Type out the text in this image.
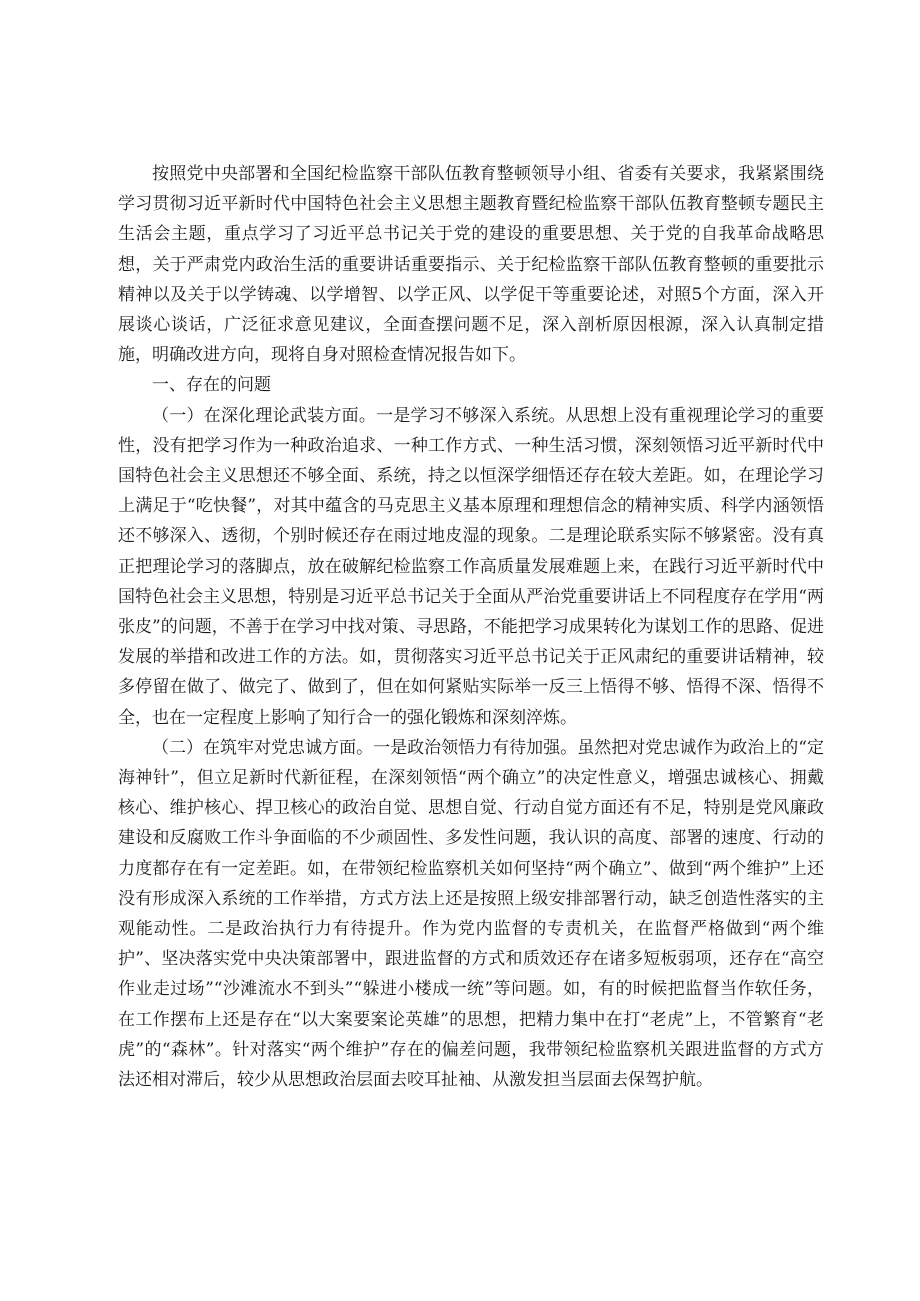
按照党中央部署和全国纪检监察干部队伍教育整顿领导小组、省委有关要求，我紧紧围绕学习贯彻习近平新时代中国特色社会主义思想主题教育暨纪检监察干部队伍教育整顿专题民主生活会主题，重点学习了习近平总书记关于党的建设的重要思想、关于党的自我革命战略思想，关于严肃党内政治生活的重要讲话重要指示、关于纪检监察干部队伍教育整顿的重要批示精神以及关于以学铸魂、以学增智、以学正风、以学促干等重要论述，对照5个方面，深入开展谈心谈话，广泛征求意见建议，全面查摆问题不足，深入剖析原因根源，深入认真制定措施，明确改进方向，现将自身对照检查情况报告如下。

一、存在的问题

（一）在深化理论武装方面。一是学习不够深入系统。从思想上没有重视理论学习的重要性，没有把学习作为一种政治追求、一种工作方式、一种生活习惯，深刻领悟习近平新时代中国特色社会主义思想还不够全面、系统，持之以恒深学细悟还存在较大差距。如，在理论学习上满足于“吃快餐”，对其中蕴含的马克思主义基本原理和理想信念的精神实质、科学内涵领悟还不够深入、透彻，个别时候还存在雨过地皮湿的现象。二是理论联系实际不够紧密。没有真正把理论学习的落脚点，放在破解纪检监察工作高质量发展难题上来，在践行习近平新时代中国特色社会主义思想，特别是习近平总书记关于全面从严治党重要讲话上不同程度存在学用“两张皮”的问题，不善于在学习中找对策、寻思路，不能把学习成果转化为谋划工作的思路、促进发展的举措和改进工作的方法。如，贯彻落实习近平总书记关于正风肃纪的重要讲话精神，较多停留在做了、做完了、做到了，但在如何紧贴实际举一反三上悟得不够、悟得不深、悟得不全，也在一定程度上影响了知行合一的强化锻炼和深刻淬炼。

（二）在筑牢对党忠诚方面。一是政治领悟力有待加强。虽然把对党忠诚作为政治上的“定海神针”，但立足新时代新征程，在深刻领悟“两个确立”的决定性意义，增强忠诚核心、拥戴核心、维护核心、捍卫核心的政治自觉、思想自觉、行动自觉方面还有不足，特别是党风廉政建设和反腐败工作斗争面临的不少顽固性、多发性问题，我认识的高度、部署的速度、行动的力度都存在有一定差距。如，在带领纪检监察机关如何坚持“两个确立”、做到“两个维护”上还没有形成深入系统的工作举措，方式方法上还是按照上级安排部署行动，缺乏创造性落实的主观能动性。二是政治执行力有待提升。作为党内监督的专责机关，在监督严格做到“两个维护”、坚决落实党中央决策部署中，跟进监督的方式和质效还存在诸多短板弱项，还存在“高空作业走过场”“沙滩流水不到头”“躲进小楼成一统”等问题。如，有的时候把监督当作软任务，在工作摆布上还是存在“以大案要案论英雄”的思想，把精力集中在打“老虎”上，不管繁育“老虎”的“森林”。针对落实“两个维护”存在的偏差问题，我带领纪检监察机关跟进监督的方式方法还相对滞后，较少从思想政治层面去咬耳扯袖、从激发担当层面去保驾护航。
